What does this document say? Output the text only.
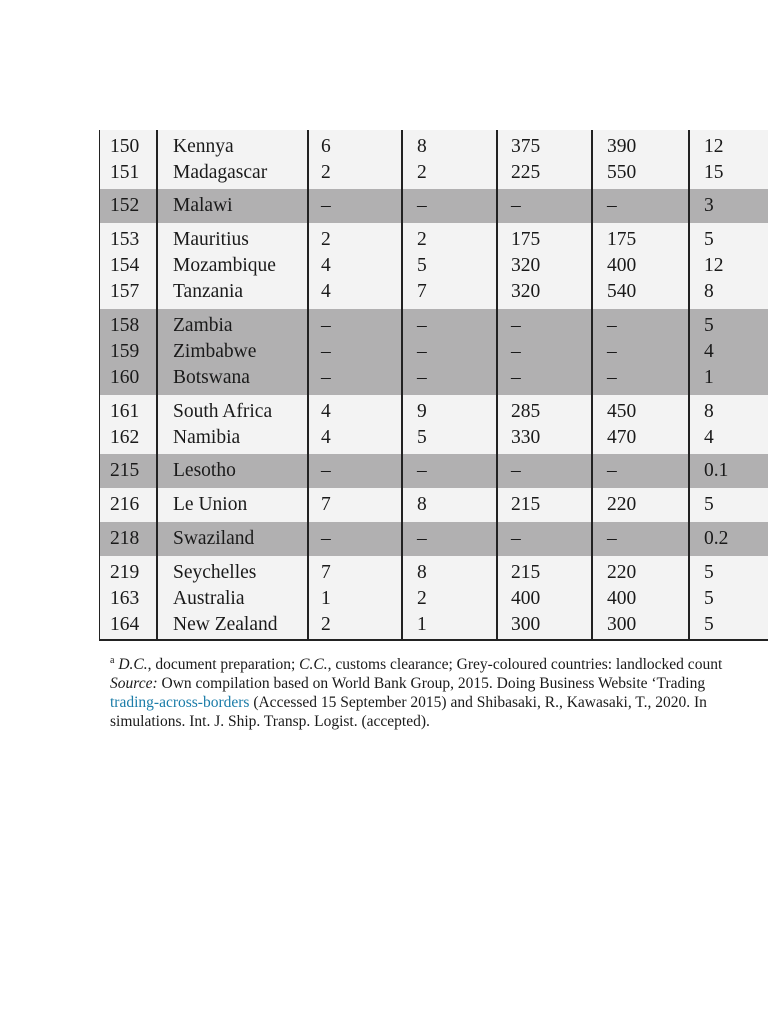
150 Kennya	6	8	375	390	12
151 Madagascar	2	2	225	550	15
152 Malawi	–	–	–	–	3
153 Mauritius	2	2	175	175	5
154 Mozambique 4	5	320	400	12
157 Tanzania	4	7	320	540	8
158 Zambia	–	–	–	–	5
159 Zimbabwe	–	–	–	–	4
160 Botswana	–	–	–	–	1
161 South Africa	4	9	285	450	8
162 Namibia	4	5	330	470	4
215 Lesotho	–	–	–	–	0.1
216 Le Union	7	8	215	220	5
218 Swaziland	–	–	–	–	0.2
219 Seychelles	7	8	215	220	5
163 Australia	1	2	400	400	5
164 New Zealand 2	1	300	300	5

$^a$ D.C., document preparation; C.C., customs clearance; Grey-coloured countries: landlocked count

Source: Own compilation based on World Bank Group, 2015. Doing Business Website ‘Trading

trading-across-borders (Accessed 15 September 2015) and Shibasaki, R., Kawasaki, T., 2020. In

simulations. Int. J. Ship. Transp. Logist. (accepted).
